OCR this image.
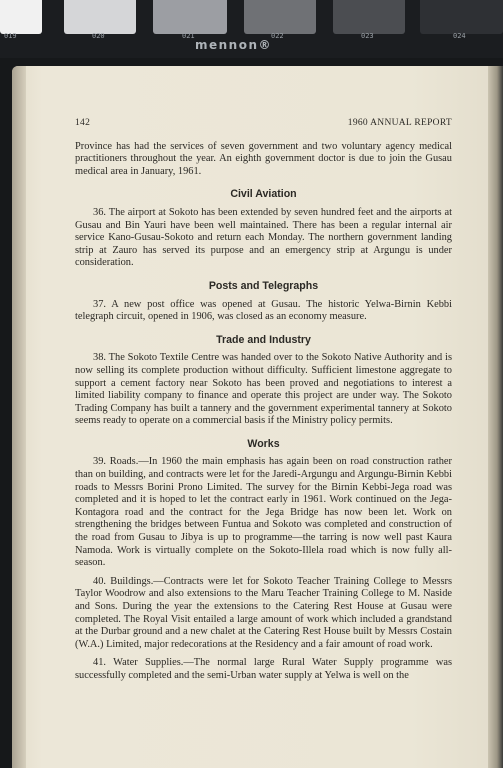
019	020	021	022	023	024
mennon®
142	1960 ANNUAL REPORT

Province has had the services of seven government and two voluntary agency medical practitioners throughout the year. An eighth government doctor is due to join the Gusau medical area in January, 1961.

Civil Aviation

36. The airport at Sokoto has been extended by seven hundred feet and the airports at Gusau and Bin Yauri have been well maintained. There has been a regular internal air service Kano-Gusau-Sokoto and return each Monday. The northern government landing strip at Zauro has served its purpose and an emergency strip at Argungu is under consideration.

Posts and Telegraphs

37. A new post office was opened at Gusau. The historic Yelwa-Birnin Kebbi telegraph circuit, opened in 1906, was closed as an economy measure.

Trade and Industry

38. The Sokoto Textile Centre was handed over to the Sokoto Native Authority and is now selling its complete production without difficulty. Sufficient limestone aggregate to support a cement factory near Sokoto has been proved and negotiations to interest a limited liability company to finance and operate this project are under way. The Sokoto Trading Company has built a tannery and the government experimental tannery at Sokoto seems ready to operate on a commercial basis if the Ministry policy permits.

Works

39. Roads.—In 1960 the main emphasis has again been on road construction rather than on building, and contracts were let for the Jaredi-Argungu and Argungu-Birnin Kebbi roads to Messrs Borini Prono Limited. The survey for the Birnin Kebbi-Jega road was completed and it is hoped to let the contract early in 1961. Work continued on the Jega-Kontagora road and the contract for the Jega Bridge has now been let. Work on strengthening the bridges between Funtua and Sokoto was completed and construction of the road from Gusau to Jibya is up to programme—the tarring is now well past Kaura Namoda. Work is virtually complete on the Sokoto-Illela road which is now fully all-season.

40. Buildings.—Contracts were let for Sokoto Teacher Training College to Messrs Taylor Woodrow and also extensions to the Maru Teacher Training College to M. Naside and Sons. During the year the extensions to the Catering Rest House at Gusau were completed. The Royal Visit entailed a large amount of work which included a grandstand at the Durbar ground and a new chalet at the Catering Rest House built by Messrs Costain (W.A.) Limited, major redecorations at the Residency and a fair amount of road work.

41. Water Supplies.—The normal large Rural Water Supply programme was successfully completed and the semi-Urban water supply at Yelwa is well on the
